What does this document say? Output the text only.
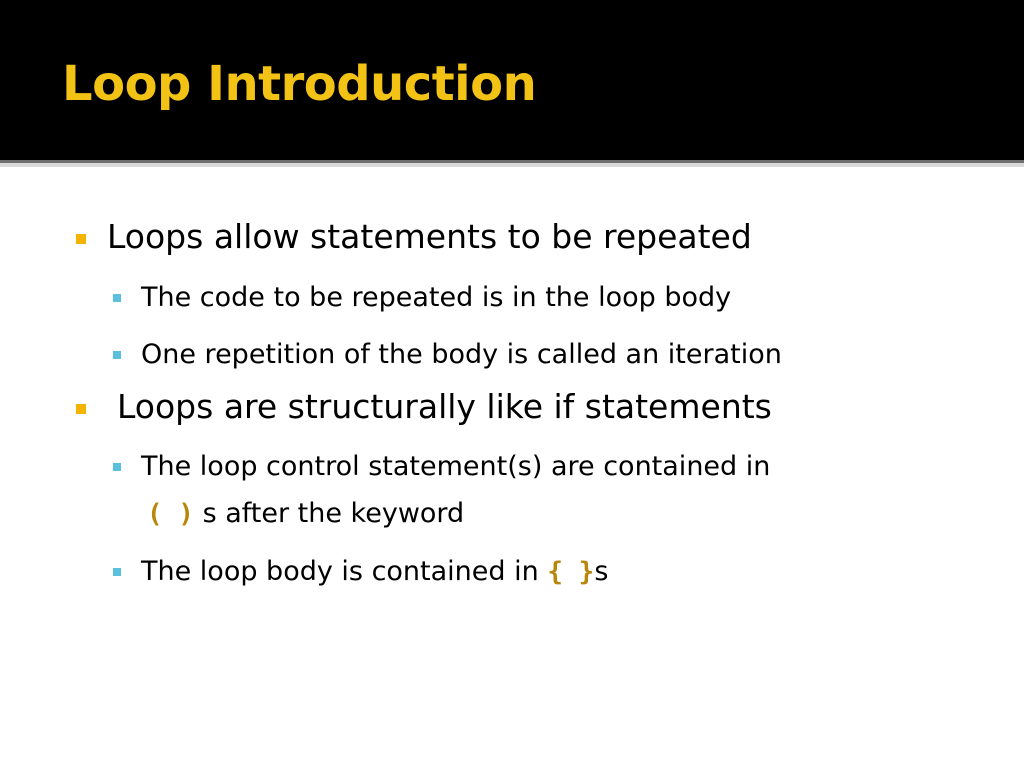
Loop Introduction
Loops allow statements to be repeated
The code to be repeated is in the loop body
One repetition of the body is called an iteration
Loops are structurally like if statements
The loop control statement(s) are contained in
( ) s after the keyword
The loop body is contained in { }s
